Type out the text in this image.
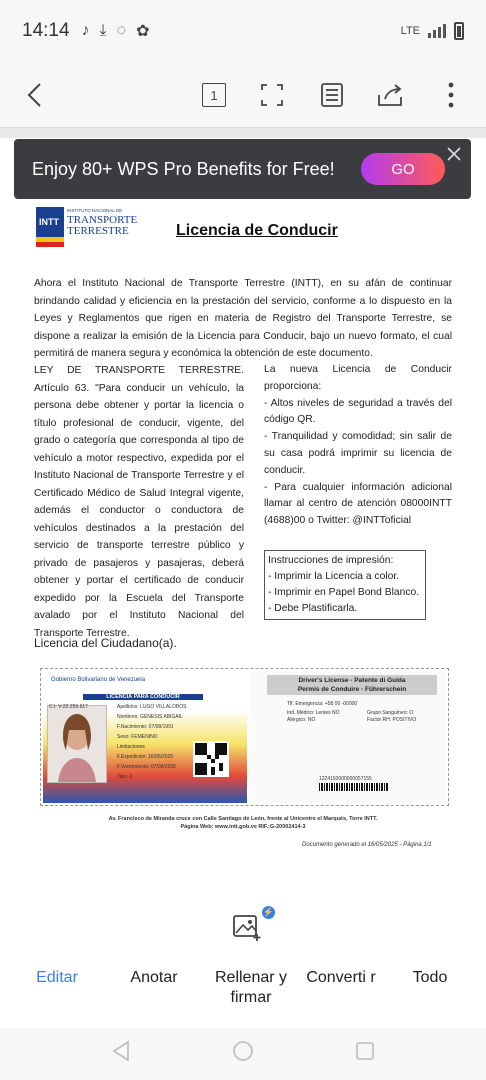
14:14 ♪ ⤓ ◌ ✿	LTE
1
INTT
INSTITUTO NACIONAL DE
TRANSPORTE
TERRESTRE	Licencia de Conducir

Ahora el Instituto Nacional de Transporte Terrestre (INTT), en su afán de continuar brindando calidad y eficiencia en la prestación del servicio, conforme a lo dispuesto en la Leyes y Reglamentos que rigen en materia de Registro del Transporte Terrestre, se dispone a realizar la emisión de la Licencia para Conducir, bajo un nuevo formato, el cual permitirá de manera segura y económica la obtención de este documento.

LEY DE TRANSPORTE TERRESTRE. Artículo 63. "Para conducir un vehículo, la persona debe obtener y portar la licencia o título profesional de conducir, vigente, del grado o categoría que corresponda al tipo de vehículo a motor respectivo, expedida por el Instituto Nacional de Transporte Terrestre y el Certificado Médico de Salud Integral vigente, además el conductor o conductora de vehículos destinados a la prestación del servicio de transporte terrestre público y privado de pasajeros y pasajeras, deberá obtener y portar el certificado de conducir expedido por la Escuela del Transporte avalado por el Instituto Nacional del Transporte Terrestre.

La nueva Licencia de Conducir proporciona:
- Altos niveles de seguridad a través del código QR.
- Tranquilidad y comodidad; sin salir de su casa podrá imprimir su licencia de conducir.
- Para cualquier información adicional llamar al centro de atención 08000INTT (4688)00 o Twitter: @INTToficial
Instrucciones de impresión:
- Imprimir la Licencia a color.
- Imprimir en Papel Bond Blanco.
- Debe Plastificarla.
Licencia del Ciudadano(a).
Gobierno Bolivariano de Venezuela
LICENCIA PARA CONDUCIR
C.I: V-22.259.617	Apellidos: LUGO VILLALOBOS
Nombres: GENESIS ABIGAIL
F.Nacimiento: 07/08/1991
Sexo: FEMENINO
Limitaciones
F.Expedición: 16/05/2025
F.Vencimiento: 07/08/2035
Tipo: 2
Driver's License - Patente di Guida
Permis de Conduire - Führerschein
Tlf. Emergencia: +58 00 -00000
Ind. Médico: Lentes NO
Alérgico: NO
Grupo Sanguíneo: O
Factor RH: POSITIVO
1224150000000057155
Av. Francisco de Miranda cruce con Calle Santiago de León, frente al Unicentro el Marqués, Torre INTT.
Página Web: www.intt.gob.ve RIF.:G-20002414-3
Documento generado el 16/05/2025 - Página 1/1
Enjoy 80+ WPS Pro Benefits for Free!	GO
⚡
Editar	Anotar	Rellenar y firmar
Converti r	Todo
